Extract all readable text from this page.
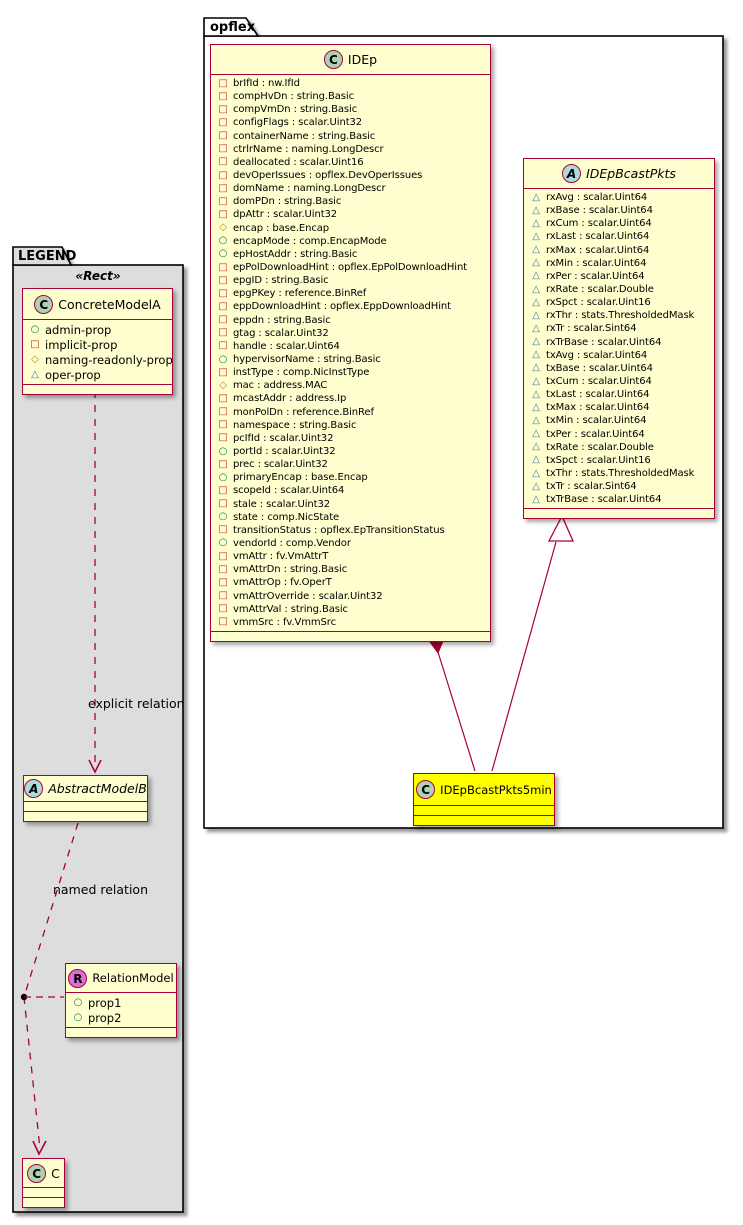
opflex
LEGEND
«Rect»
explicit relation
named relation
C IDEp
□ brIfId : nw.IfId
□ compHvDn : string.Basic
□ compVmDn : string.Basic
□ configFlags : scalar.Uint32
□ containerName : string.Basic
□ ctrlrName : naming.LongDescr
□ deallocated : scalar.Uint16
□ devOperIssues : opflex.DevOperIssues
□ domName : naming.LongDescr
□ domPDn : string.Basic
□ dpAttr : scalar.Uint32
◇ encap : base.Encap
○ encapMode : comp.EncapMode
○ epHostAddr : string.Basic
□ epPolDownloadHint : opflex.EpPolDownloadHint
□ epgID : string.Basic
□ epgPKey : reference.BinRef
□ eppDownloadHint : opflex.EppDownloadHint
□ eppdn : string.Basic
□ gtag : scalar.Uint32
□ handle : scalar.Uint64
○ hypervisorName : string.Basic
□ instType : comp.NicInstType
◇ mac : address.MAC
□ mcastAddr : address.Ip
□ monPolDn : reference.BinRef
□ namespace : string.Basic
□ pcIfId : scalar.Uint32
○ portId : scalar.Uint32
□ prec : scalar.Uint32
○ primaryEncap : base.Encap
□ scopeId : scalar.Uint64
□ stale : scalar.Uint32
○ state : comp.NicState
□ transitionStatus : opflex.EpTransitionStatus
○ vendorId : comp.Vendor
□ vmAttr : fv.VmAttrT
□ vmAttrDn : string.Basic
□ vmAttrOp : fv.OperT
□ vmAttrOverride : scalar.Uint32
□ vmAttrVal : string.Basic
□ vmmSrc : fv.VmmSrc
A IDEpBcastPkts
△ rxAvg : scalar.Uint64
△ rxBase : scalar.Uint64
△ rxCum : scalar.Uint64
△ rxLast : scalar.Uint64
△ rxMax : scalar.Uint64
△ rxMin : scalar.Uint64
△ rxPer : scalar.Uint64
△ rxRate : scalar.Double
△ rxSpct : scalar.Uint16
△ rxThr : stats.ThresholdedMask
△ rxTr : scalar.Sint64
△ rxTrBase : scalar.Uint64
△ txAvg : scalar.Uint64
△ txBase : scalar.Uint64
△ txCum : scalar.Uint64
△ txLast : scalar.Uint64
△ txMax : scalar.Uint64
△ txMin : scalar.Uint64
△ txPer : scalar.Uint64
△ txRate : scalar.Double
△ txSpct : scalar.Uint16
△ txThr : stats.ThresholdedMask
△ txTr : scalar.Sint64
△ txTrBase : scalar.Uint64
C IDEpBcastPkts5min
C ConcreteModelA
○ admin-prop
□ implicit-prop
◇ naming-readonly-prop
△ oper-prop
A AbstractModelB
R RelationModel
○ prop1
○ prop2
C C
